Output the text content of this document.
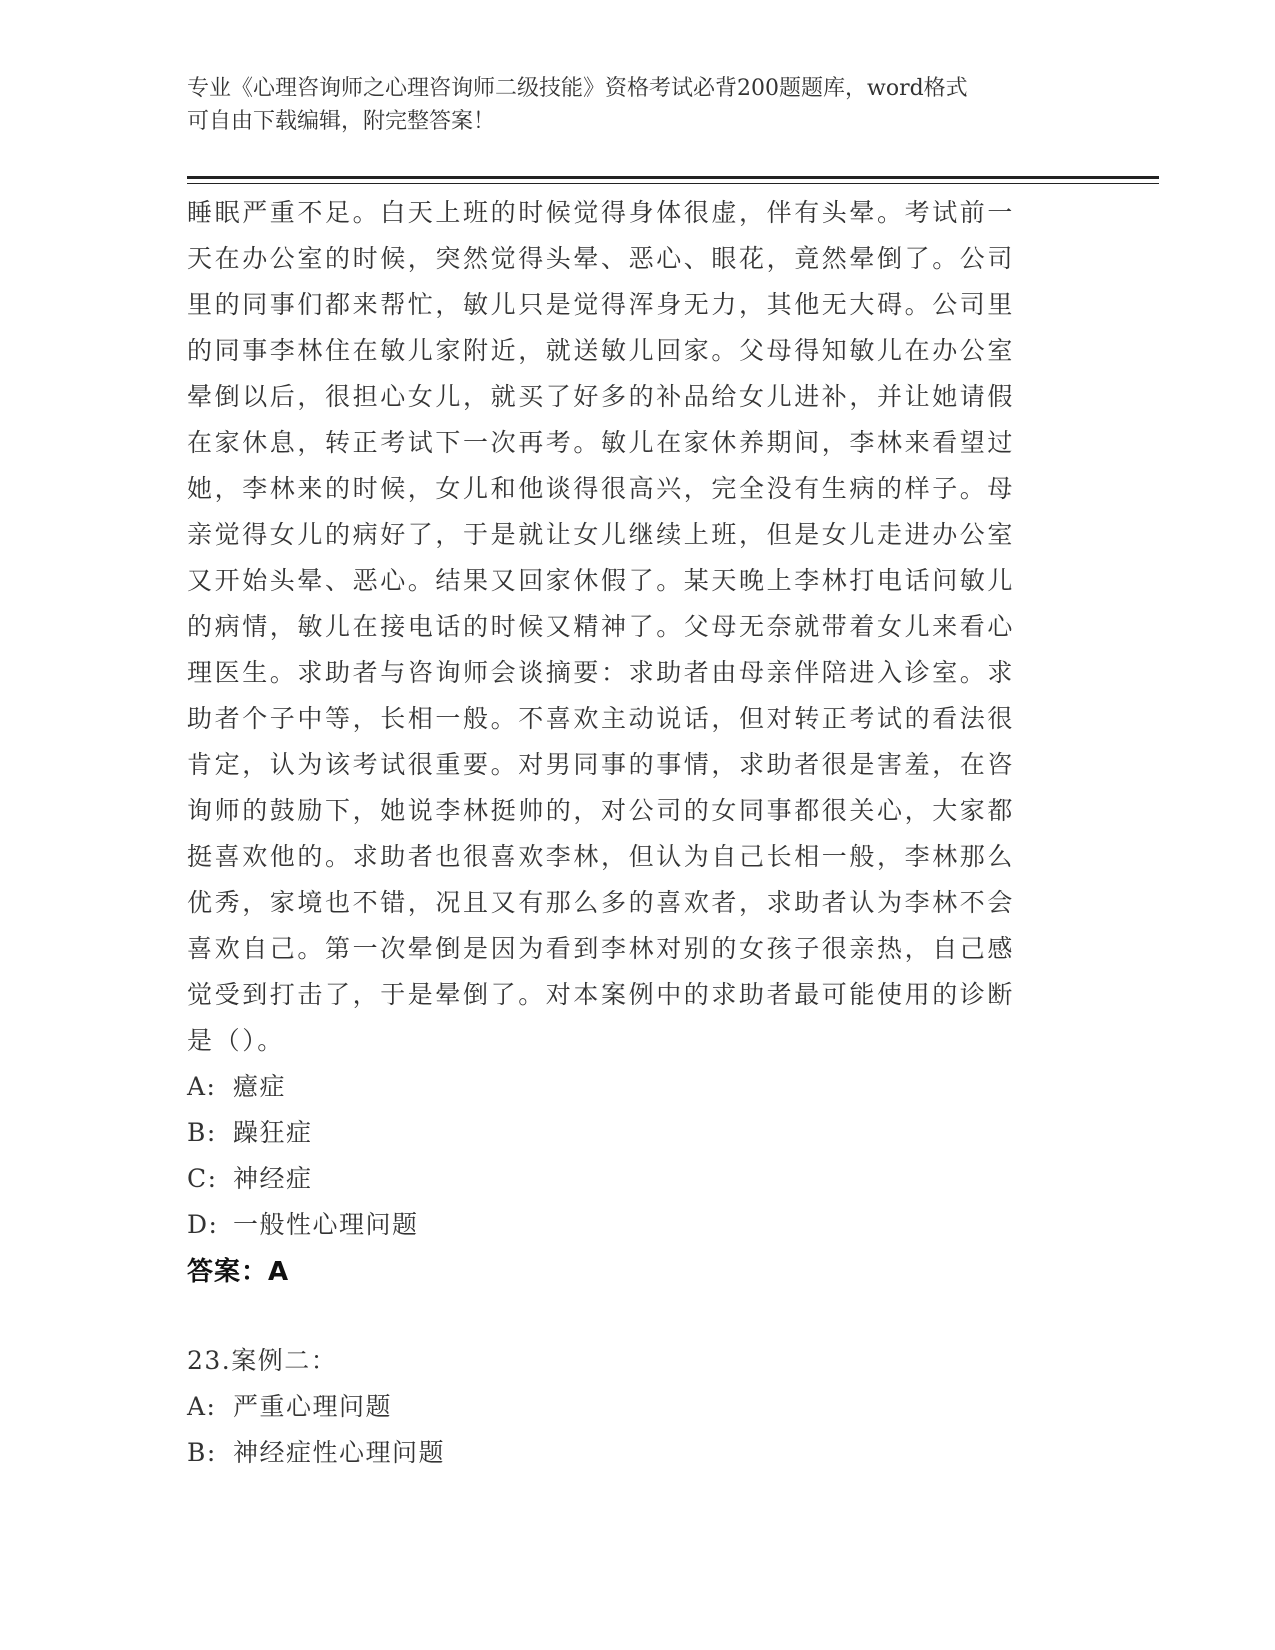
专业《心理咨询师之心理咨询师二级技能》资格考试必背200题题库，word格式
可自由下载编辑，附完整答案！
睡眠严重不足。白天上班的时候觉得身体很虚，伴有头晕。考试前一
天在办公室的时候，突然觉得头晕、恶心、眼花，竟然晕倒了。公司
里的同事们都来帮忙，敏儿只是觉得浑身无力，其他无大碍。公司里
的同事李林住在敏儿家附近，就送敏儿回家。父母得知敏儿在办公室
晕倒以后，很担心女儿，就买了好多的补品给女儿进补，并让她请假
在家休息，转正考试下一次再考。敏儿在家休养期间，李林来看望过
她，李林来的时候，女儿和他谈得很高兴，完全没有生病的样子。母
亲觉得女儿的病好了，于是就让女儿继续上班，但是女儿走进办公室
又开始头晕、恶心。结果又回家休假了。某天晚上李林打电话问敏儿
的病情，敏儿在接电话的时候又精神了。父母无奈就带着女儿来看心
理医生。求助者与咨询师会谈摘要：求助者由母亲伴陪进入诊室。求
助者个子中等，长相一般。不喜欢主动说话，但对转正考试的看法很
肯定，认为该考试很重要。对男同事的事情，求助者很是害羞，在咨
询师的鼓励下，她说李林挺帅的，对公司的女同事都很关心，大家都
挺喜欢他的。求助者也很喜欢李林，但认为自己长相一般，李林那么
优秀，家境也不错，况且又有那么多的喜欢者，求助者认为李林不会
喜欢自己。第一次晕倒是因为看到李林对别的女孩子很亲热，自己感
觉受到打击了，于是晕倒了。对本案例中的求助者最可能使用的诊断
是（）。
A: 癔症
B: 躁狂症
C: 神经症
D: 一般性心理问题
答案：A
23.案例二：
A: 严重心理问题
B: 神经症性心理问题
